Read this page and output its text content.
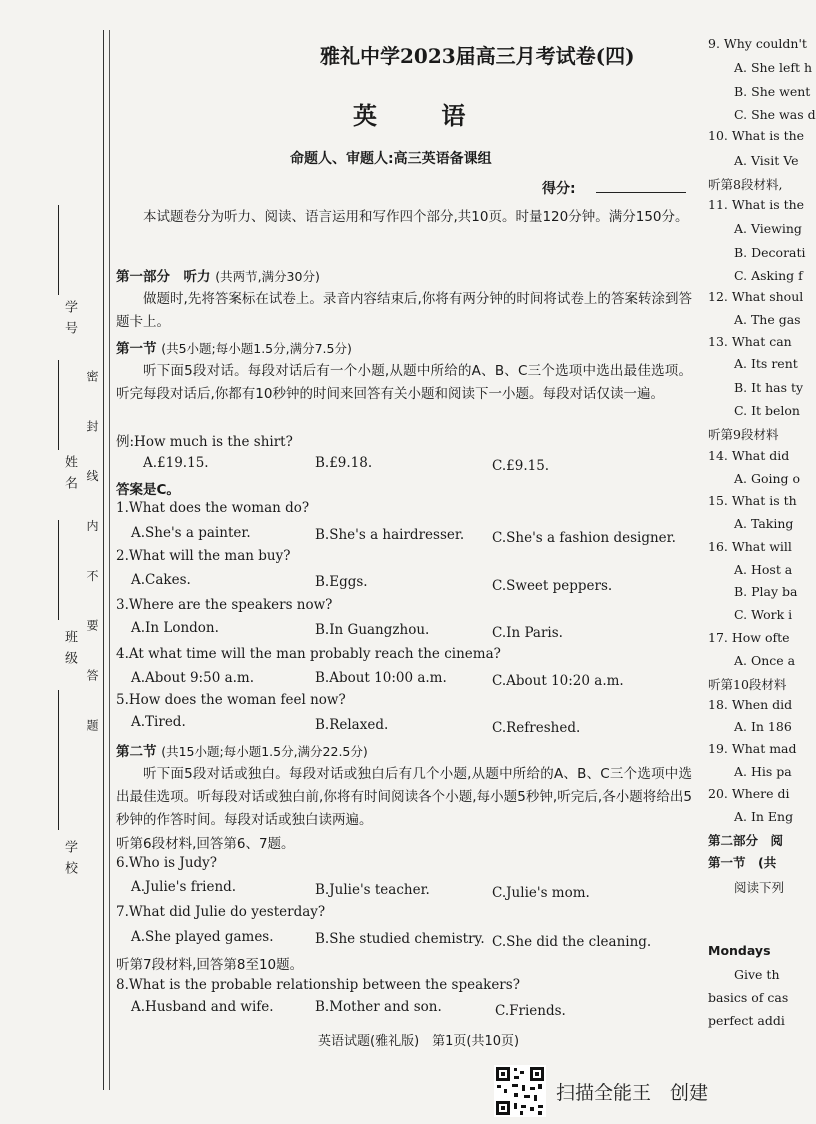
学 号
姓 名
班 级
学 校
密 封 线 内 不 要 答 题
雅礼中学2023届高三月考试卷(四)
英 语
命题人、审题人:高三英语备课组
得分:
本试题卷分为听力、阅读、语言运用和写作四个部分,共10页。时量120分钟。满分150分。
第一部分　听力 (共两节,满分30分)
做题时,先将答案标在试卷上。录音内容结束后,你将有两分钟的时间将试卷上的答案转涂到答题卡上。
第一节 (共5小题;每小题1.5分,满分7.5分)
听下面5段对话。每段对话后有一个小题,从题中所给的A、B、C三个选项中选出最佳选项。听完每段对话后,你都有10秒钟的时间来回答有关小题和阅读下一小题。每段对话仅读一遍。
例:How much is the shirt?
A.£19.15.	B.£9.18.	C.£9.15.
答案是C。
1.What does the woman do?
A.She's a painter.	B.She's a hairdresser. C.She's a fashion designer.
2.What will the man buy?
A.Cakes.	B.Eggs.	C.Sweet peppers.
3.Where are the speakers now?
A.In London.	B.In Guangzhou.	C.In Paris.
4.At what time will the man probably reach the cinema?
A.About 9:50 a.m.	B.About 10:00 a.m.	C.About 10:20 a.m.
5.How does the woman feel now?
A.Tired.	B.Relaxed.	C.Refreshed.
第二节 (共15小题;每小题1.5分,满分22.5分)
听下面5段对话或独白。每段对话或独白后有几个小题,从题中所给的A、B、C三个选项中选出最佳选项。听每段对话或独白前,你将有时间阅读各个小题,每小题5秒钟,听完后,各小题将给出5秒钟的作答时间。每段对话或独白读两遍。
听第6段材料,回答第6、7题。
6.Who is Judy?
A.Julie's friend.	B.Julie's teacher.	C.Julie's mom.
7.What did Julie do yesterday?
A.She played games.	B.She studied chemistry. C.She did the cleaning.
听第7段材料,回答第8至10题。
8.What is the probable relationship between the speakers?
A.Husband and wife.	B.Mother and son.	C.Friends.
英语试题(雅礼版)　第1页(共10页)
扫描全能王　创建
9. Why couldn't
A. She left h
B. She went
C. She was d
10. What is the
A. Visit Ve
听第8段材料,
11. What is the
A. Viewing
B. Decorati
C. Asking f
12. What shoul
A. The gas
13. What can
A. Its rent
B. It has ty
C. It belon
听第9段材料
14. What did
A. Going o
15. What is th
A. Taking
16. What will
A. Host a
B. Play ba
C. Work i
17. How ofte
A. Once a
听第10段材料
18. When did
A. In 186
19. What mad
A. His pa
20. Where di
A. In Eng
第二部分　阅
第一节　(共
阅读下列
Mondays
Give th
basics of cas
perfect addi
